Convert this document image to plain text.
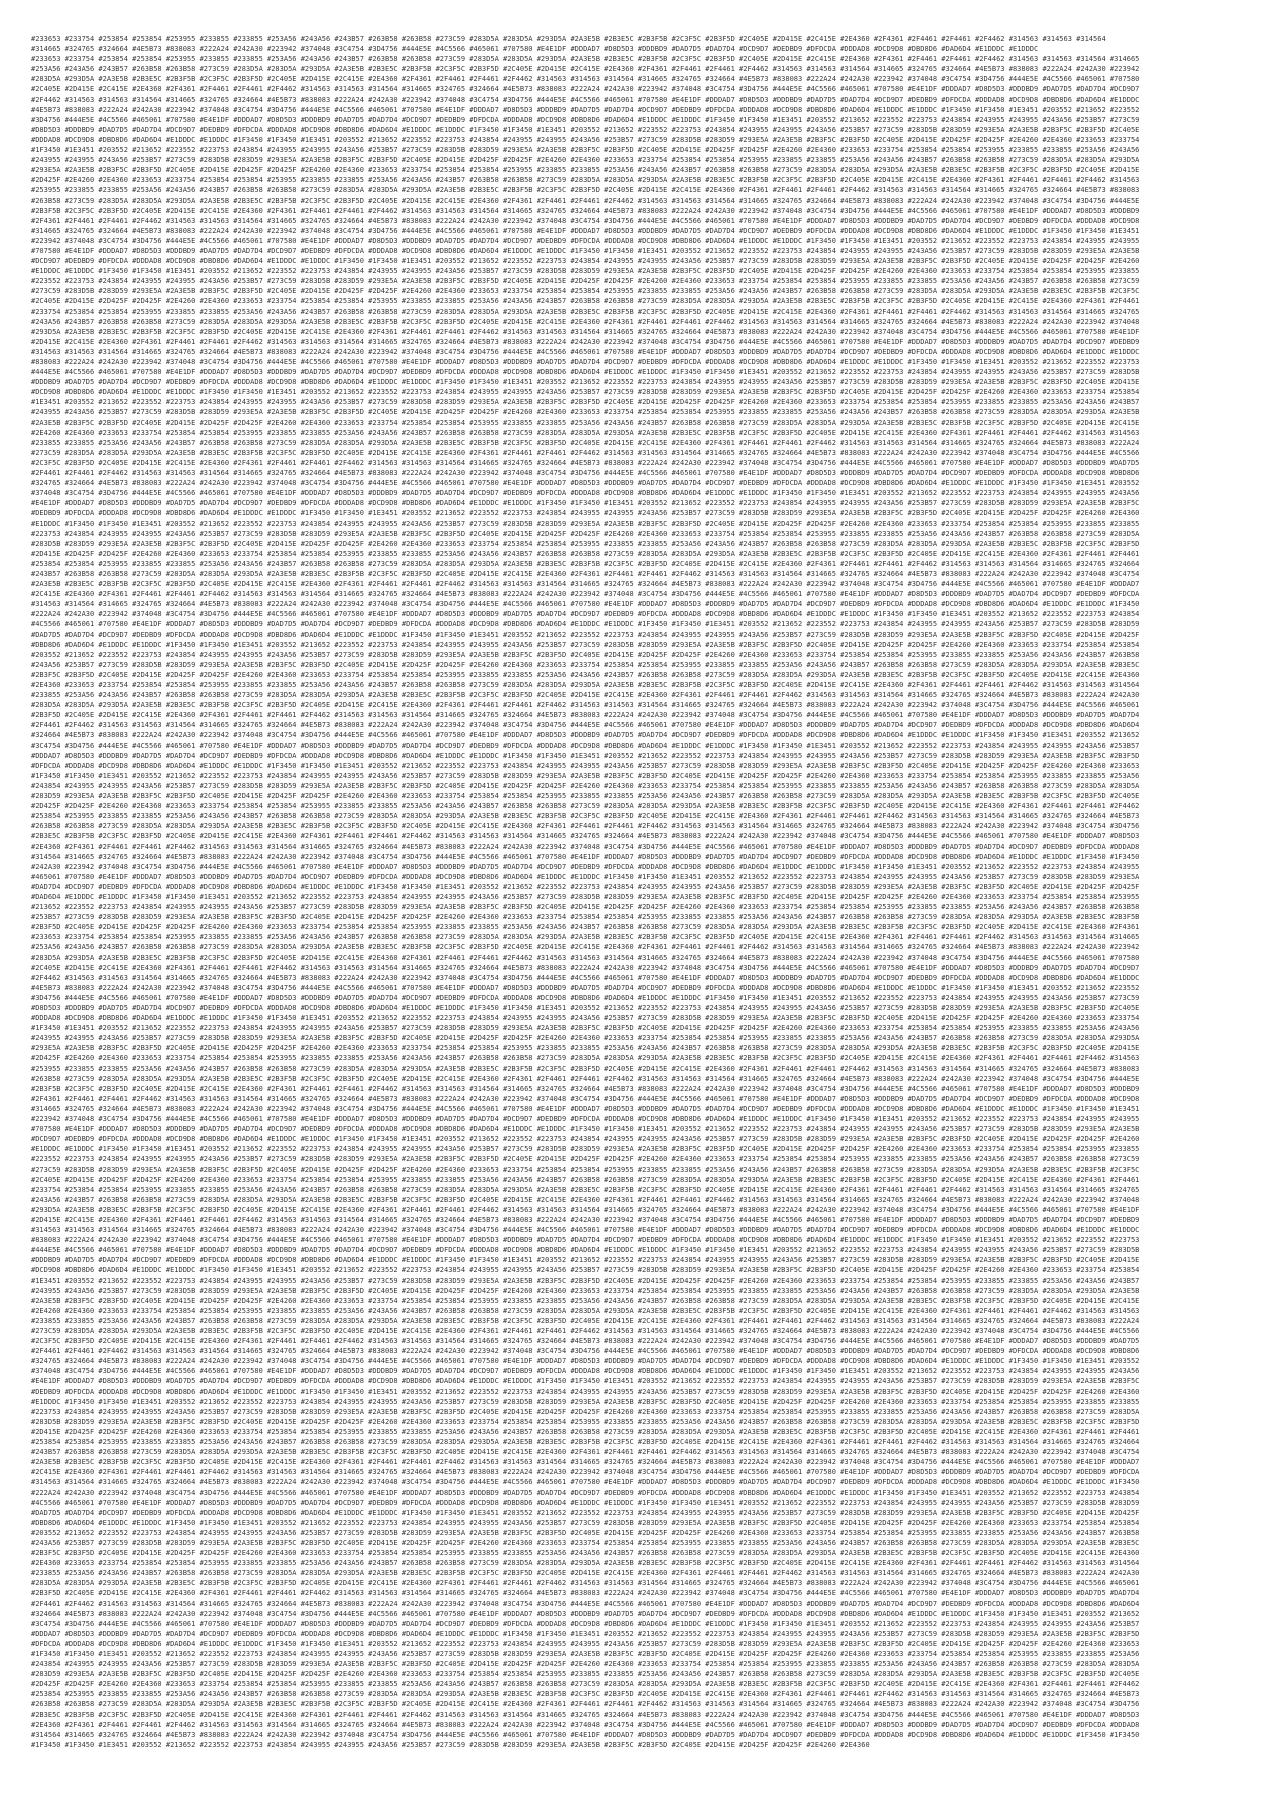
#233653 #233754 #253854 #253854 #253955 #233855 #233855 #253A56 #243A56 #243B57 #263B58 #263B58 #273C59 #283D5A #283D5A #293D5A #2A3E5B #2B3E5C #2B3F5B #2C3F5C #2B3F5D #2C405E #2D415E #2C415E #2E4360 #2F4361 #2F4461 #2F4461 #2F4462 #314563 #314563 #314564
#314665 #324765 #324664 #4E5B73 #838083 #222A24 #242A30 #223942 #374048 #3C4754 #3D4756 #444E5E #4C5566 #465061 #707580 #E4E1DF #DDDAD7 #D8D5D3 #DDDBD9 #DAD7D5 #DAD7D4 #DCD9D7 #DEDBD9 #DFDCDA #DDDAD8 #DCD9D8 #DBD8D6 #DAD6D4 #E1DDDC #E1DDDC
#233653 #233754 #253854 #253854 #253955 #233855 #233855 #253A56 #243A56 #243B57 #263B58 #263B58 #273C59 #283D5A #283D5A #293D5A #2A3E5B #2B3E5C #2B3F5B #2C3F5C #2B3F5D #2C405E #2D415E #2C415E #2E4360 #2F4361 #2F4461 #2F4461 #2F4462 #314563 #314563 #314564 #314665
#253A56 #243A56 #243B57 #263B58 #263B58 #273C59 #283D5A #283D5A #293D5A #2A3E5B #2B3E5C #2B3F5B #2C3F5C #2B3F5D #2C405E #2D415E #2C415E #2E4360 #2F4361 #2F4461 #2F4461 #2F4462 #314563 #314563 #314564 #314665 #324765 #324664 #4E5B73 #838083 #222A24 #242A30 #223942
#283D5A #293D5A #2A3E5B #2B3E5C #2B3F5B #2C3F5C #2B3F5D #2C405E #2D415E #2C415E #2E4360 #2F4361 #2F4461 #2F4461 #2F4462 #314563 #314563 #314564 #314665 #324765 #324664 #4E5B73 #838083 #222A24 #242A30 #223942 #374048 #3C4754 #3D4756 #444E5E #4C5566 #465061 #707580
#2C405E #2D415E #2C415E #2E4360 #2F4361 #2F4461 #2F4461 #2F4462 #314563 #314563 #314564 #314665 #324765 #324664 #4E5B73 #838083 #222A24 #242A30 #223942 #374048 #3C4754 #3D4756 #444E5E #4C5566 #465061 #707580 #E4E1DF #DDDAD7 #D8D5D3 #DDDBD9 #DAD7D5 #DAD7D4 #DCD9D7
#2F4462 #314563 #314563 #314564 #314665 #324765 #324664 #4E5B73 #838083 #222A24 #242A30 #223942 #374048 #3C4754 #3D4756 #444E5E #4C5566 #465061 #707580 #E4E1DF #DDDAD7 #D8D5D3 #DDDBD9 #DAD7D5 #DAD7D4 #DCD9D7 #DEDBD9 #DFDCDA #DDDAD8 #DCD9D8 #DBD8D6 #DAD6D4 #E1DDDC
#4E5B73 #838083 #222A24 #242A30 #223942 #374048 #3C4754 #3D4756 #444E5E #4C5566 #465061 #707580 #E4E1DF #DDDAD7 #D8D5D3 #DDDBD9 #DAD7D5 #DAD7D4 #DCD9D7 #DEDBD9 #DFDCDA #DDDAD8 #DCD9D8 #DBD8D6 #DAD6D4 #E1DDDC #E1DDDC #1F3450 #1F3450 #1E3451 #203552 #213652 #223552
#3D4756 #444E5E #4C5566 #465061 #707580 #E4E1DF #DDDAD7 #D8D5D3 #DDDBD9 #DAD7D5 #DAD7D4 #DCD9D7 #DEDBD9 #DFDCDA #DDDAD8 #DCD9D8 #DBD8D6 #DAD6D4 #E1DDDC #E1DDDC #1F3450 #1F3450 #1E3451 #203552 #213652 #223552 #223753 #243854 #243955 #243955 #243A56 #253B57 #273C59
#D8D5D3 #DDDBD9 #DAD7D5 #DAD7D4 #DCD9D7 #DEDBD9 #DFDCDA #DDDAD8 #DCD9D8 #DBD8D6 #DAD6D4 #E1DDDC #E1DDDC #1F3450 #1F3450 #1E3451 #203552 #213652 #223552 #223753 #243854 #243955 #243955 #243A56 #253B57 #273C59 #283D5B #283D59 #293E5A #2A3E5B #2B3F5C #2B3F5D #2C405E
#DDDAD8 #DCD9D8 #DBD8D6 #DAD6D4 #E1DDDC #E1DDDC #1F3450 #1F3450 #1E3451 #203552 #213652 #223552 #223753 #243854 #243955 #243955 #243A56 #253B57 #273C59 #283D5B #283D59 #293E5A #2A3E5B #2B3F5C #2B3F5D #2C405E #2D415E #2D425F #2D425F #2E4260 #2E4360 #233653 #233754
#1F3450 #1E3451 #203552 #213652 #223552 #223753 #243854 #243955 #243955 #243A56 #253B57 #273C59 #283D5B #283D59 #293E5A #2A3E5B #2B3F5C #2B3F5D #2C405E #2D415E #2D425F #2D425F #2E4260 #2E4360 #233653 #233754 #253854 #253854 #253955 #233855 #233855 #253A56 #243A56
#243955 #243955 #243A56 #253B57 #273C59 #283D5B #283D59 #293E5A #2A3E5B #2B3F5C #2B3F5D #2C405E #2D415E #2D425F #2D425F #2E4260 #2E4360 #233653 #233754 #253854 #253854 #253955 #233855 #233855 #253A56 #243A56 #243B57 #263B58 #263B58 #273C59 #283D5A #283D5A #293D5A
#293E5A #2A3E5B #2B3F5C #2B3F5D #2C405E #2D415E #2D425F #2D425F #2E4260 #2E4360 #233653 #233754 #253854 #253854 #253955 #233855 #233855 #253A56 #243A56 #243B57 #263B58 #263B58 #273C59 #283D5A #283D5A #293D5A #2A3E5B #2B3E5C #2B3F5B #2C3F5C #2B3F5D #2C405E #2D415E
#2D425F #2E4260 #2E4360 #233653 #233754 #253854 #253854 #253955 #233855 #233855 #253A56 #243A56 #243B57 #263B58 #263B58 #273C59 #283D5A #283D5A #293D5A #2A3E5B #2B3E5C #2B3F5B #2C3F5C #2B3F5D #2C405E #2D415E #2C415E #2E4360 #2F4361 #2F4461 #2F4461 #2F4462 #314563
#253955 #233855 #233855 #253A56 #243A56 #243B57 #263B58 #263B58 #273C59 #283D5A #283D5A #293D5A #2A3E5B #2B3E5C #2B3F5B #2C3F5C #2B3F5D #2C405E #2D415E #2C415E #2E4360 #2F4361 #2F4461 #2F4461 #2F4462 #314563 #314563 #314564 #314665 #324765 #324664 #4E5B73 #838083
#263B58 #273C59 #283D5A #283D5A #293D5A #2A3E5B #2B3E5C #2B3F5B #2C3F5C #2B3F5D #2C405E #2D415E #2C415E #2E4360 #2F4361 #2F4461 #2F4461 #2F4462 #314563 #314563 #314564 #314665 #324765 #324664 #4E5B73 #838083 #222A24 #242A30 #223942 #374048 #3C4754 #3D4756 #444E5E
#2B3F5B #2C3F5C #2B3F5D #2C405E #2D415E #2C415E #2E4360 #2F4361 #2F4461 #2F4461 #2F4462 #314563 #314563 #314564 #314665 #324765 #324664 #4E5B73 #838083 #222A24 #242A30 #223942 #374048 #3C4754 #3D4756 #444E5E #4C5566 #465061 #707580 #E4E1DF #DDDAD7 #D8D5D3 #DDDBD9
#2F4361 #2F4461 #2F4461 #2F4462 #314563 #314563 #314564 #314665 #324765 #324664 #4E5B73 #838083 #222A24 #242A30 #223942 #374048 #3C4754 #3D4756 #444E5E #4C5566 #465061 #707580 #E4E1DF #DDDAD7 #D8D5D3 #DDDBD9 #DAD7D5 #DAD7D4 #DCD9D7 #DEDBD9 #DFDCDA #DDDAD8 #DCD9D8
#314665 #324765 #324664 #4E5B73 #838083 #222A24 #242A30 #223942 #374048 #3C4754 #3D4756 #444E5E #4C5566 #465061 #707580 #E4E1DF #DDDAD7 #D8D5D3 #DDDBD9 #DAD7D5 #DAD7D4 #DCD9D7 #DEDBD9 #DFDCDA #DDDAD8 #DCD9D8 #DBD8D6 #DAD6D4 #E1DDDC #E1DDDC #1F3450 #1F3450 #1E3451
#223942 #374048 #3C4754 #3D4756 #444E5E #4C5566 #465061 #707580 #E4E1DF #DDDAD7 #D8D5D3 #DDDBD9 #DAD7D5 #DAD7D4 #DCD9D7 #DEDBD9 #DFDCDA #DDDAD8 #DCD9D8 #DBD8D6 #DAD6D4 #E1DDDC #E1DDDC #1F3450 #1F3450 #1E3451 #203552 #213652 #223552 #223753 #243854 #243955 #243955
#707580 #E4E1DF #DDDAD7 #D8D5D3 #DDDBD9 #DAD7D5 #DAD7D4 #DCD9D7 #DEDBD9 #DFDCDA #DDDAD8 #DCD9D8 #DBD8D6 #DAD6D4 #E1DDDC #E1DDDC #1F3450 #1F3450 #1E3451 #203552 #213652 #223552 #223753 #243854 #243955 #243955 #243A56 #253B57 #273C59 #283D5B #283D59 #293E5A #2A3E5B
#DCD9D7 #DEDBD9 #DFDCDA #DDDAD8 #DCD9D8 #DBD8D6 #DAD6D4 #E1DDDC #E1DDDC #1F3450 #1F3450 #1E3451 #203552 #213652 #223552 #223753 #243854 #243955 #243955 #243A56 #253B57 #273C59 #283D5B #283D59 #293E5A #2A3E5B #2B3F5C #2B3F5D #2C405E #2D415E #2D425F #2D425F #2E4260
#E1DDDC #E1DDDC #1F3450 #1F3450 #1E3451 #203552 #213652 #223552 #223753 #243854 #243955 #243955 #243A56 #253B57 #273C59 #283D5B #283D59 #293E5A #2A3E5B #2B3F5C #2B3F5D #2C405E #2D415E #2D425F #2D425F #2E4260 #2E4360 #233653 #233754 #253854 #253854 #253955 #233855
#223552 #223753 #243854 #243955 #243955 #243A56 #253B57 #273C59 #283D5B #283D59 #293E5A #2A3E5B #2B3F5C #2B3F5D #2C405E #2D415E #2D425F #2D425F #2E4260 #2E4360 #233653 #233754 #253854 #253854 #253955 #233855 #233855 #253A56 #243A56 #243B57 #263B58 #263B58 #273C59
#273C59 #283D5B #283D59 #293E5A #2A3E5B #2B3F5C #2B3F5D #2C405E #2D415E #2D425F #2D425F #2E4260 #2E4360 #233653 #233754 #253854 #253854 #253955 #233855 #233855 #253A56 #243A56 #243B57 #263B58 #263B58 #273C59 #283D5A #283D5A #293D5A #2A3E5B #2B3E5C #2B3F5B #2C3F5C
#2C405E #2D415E #2D425F #2D425F #2E4260 #2E4360 #233653 #233754 #253854 #253854 #253955 #233855 #233855 #253A56 #243A56 #243B57 #263B58 #263B58 #273C59 #283D5A #283D5A #293D5A #2A3E5B #2B3E5C #2B3F5B #2C3F5C #2B3F5D #2C405E #2D415E #2C415E #2E4360 #2F4361 #2F4461
#233754 #253854 #253854 #253955 #233855 #233855 #253A56 #243A56 #243B57 #263B58 #263B58 #273C59 #283D5A #283D5A #293D5A #2A3E5B #2B3E5C #2B3F5B #2C3F5C #2B3F5D #2C405E #2D415E #2C415E #2E4360 #2F4361 #2F4461 #2F4461 #2F4462 #314563 #314563 #314564 #314665 #324765
#243A56 #243B57 #263B58 #263B58 #273C59 #283D5A #283D5A #293D5A #2A3E5B #2B3E5C #2B3F5B #2C3F5C #2B3F5D #2C405E #2D415E #2C415E #2E4360 #2F4361 #2F4461 #2F4461 #2F4462 #314563 #314563 #314564 #314665 #324765 #324664 #4E5B73 #838083 #222A24 #242A30 #223942 #374048
#293D5A #2A3E5B #2B3E5C #2B3F5B #2C3F5C #2B3F5D #2C405E #2D415E #2C415E #2E4360 #2F4361 #2F4461 #2F4461 #2F4462 #314563 #314563 #314564 #314665 #324765 #324664 #4E5B73 #838083 #222A24 #242A30 #223942 #374048 #3C4754 #3D4756 #444E5E #4C5566 #465061 #707580 #E4E1DF
#2D415E #2C415E #2E4360 #2F4361 #2F4461 #2F4461 #2F4462 #314563 #314563 #314564 #314665 #324765 #324664 #4E5B73 #838083 #222A24 #242A30 #223942 #374048 #3C4754 #3D4756 #444E5E #4C5566 #465061 #707580 #E4E1DF #DDDAD7 #D8D5D3 #DDDBD9 #DAD7D5 #DAD7D4 #DCD9D7 #DEDBD9
#314563 #314563 #314564 #314665 #324765 #324664 #4E5B73 #838083 #222A24 #242A30 #223942 #374048 #3C4754 #3D4756 #444E5E #4C5566 #465061 #707580 #E4E1DF #DDDAD7 #D8D5D3 #DDDBD9 #DAD7D5 #DAD7D4 #DCD9D7 #DEDBD9 #DFDCDA #DDDAD8 #DCD9D8 #DBD8D6 #DAD6D4 #E1DDDC #E1DDDC
#838083 #222A24 #242A30 #223942 #374048 #3C4754 #3D4756 #444E5E #4C5566 #465061 #707580 #E4E1DF #DDDAD7 #D8D5D3 #DDDBD9 #DAD7D5 #DAD7D4 #DCD9D7 #DEDBD9 #DFDCDA #DDDAD8 #DCD9D8 #DBD8D6 #DAD6D4 #E1DDDC #E1DDDC #1F3450 #1F3450 #1E3451 #203552 #213652 #223552 #223753
#444E5E #4C5566 #465061 #707580 #E4E1DF #DDDAD7 #D8D5D3 #DDDBD9 #DAD7D5 #DAD7D4 #DCD9D7 #DEDBD9 #DFDCDA #DDDAD8 #DCD9D8 #DBD8D6 #DAD6D4 #E1DDDC #E1DDDC #1F3450 #1F3450 #1E3451 #203552 #213652 #223552 #223753 #243854 #243955 #243955 #243A56 #253B57 #273C59 #283D5B
#DDDBD9 #DAD7D5 #DAD7D4 #DCD9D7 #DEDBD9 #DFDCDA #DDDAD8 #DCD9D8 #DBD8D6 #DAD6D4 #E1DDDC #E1DDDC #1F3450 #1F3450 #1E3451 #203552 #213652 #223552 #223753 #243854 #243955 #243955 #243A56 #253B57 #273C59 #283D5B #283D59 #293E5A #2A3E5B #2B3F5C #2B3F5D #2C405E #2D415E
#DCD9D8 #DBD8D6 #DAD6D4 #E1DDDC #E1DDDC #1F3450 #1F3450 #1E3451 #203552 #213652 #223552 #223753 #243854 #243955 #243955 #243A56 #253B57 #273C59 #283D5B #283D59 #293E5A #2A3E5B #2B3F5C #2B3F5D #2C405E #2D415E #2D425F #2D425F #2E4260 #2E4360 #233653 #233754 #253854
#1E3451 #203552 #213652 #223552 #223753 #243854 #243955 #243955 #243A56 #253B57 #273C59 #283D5B #283D59 #293E5A #2A3E5B #2B3F5C #2B3F5D #2C405E #2D415E #2D425F #2D425F #2E4260 #2E4360 #233653 #233754 #253854 #253854 #253955 #233855 #233855 #253A56 #243A56 #243B57
#243955 #243A56 #253B57 #273C59 #283D5B #283D59 #293E5A #2A3E5B #2B3F5C #2B3F5D #2C405E #2D415E #2D425F #2D425F #2E4260 #2E4360 #233653 #233754 #253854 #253854 #253955 #233855 #233855 #253A56 #243A56 #243B57 #263B58 #263B58 #273C59 #283D5A #283D5A #293D5A #2A3E5B
#2A3E5B #2B3F5C #2B3F5D #2C405E #2D415E #2D425F #2D425F #2E4260 #2E4360 #233653 #233754 #253854 #253854 #253955 #233855 #233855 #253A56 #243A56 #243B57 #263B58 #263B58 #273C59 #283D5A #283D5A #293D5A #2A3E5B #2B3E5C #2B3F5B #2C3F5C #2B3F5D #2C405E #2D415E #2C415E
#2E4260 #2E4360 #233653 #233754 #253854 #253854 #253955 #233855 #233855 #253A56 #243A56 #243B57 #263B58 #263B58 #273C59 #283D5A #283D5A #293D5A #2A3E5B #2B3E5C #2B3F5B #2C3F5C #2B3F5D #2C405E #2D415E #2C415E #2E4360 #2F4361 #2F4461 #2F4461 #2F4462 #314563 #314563
#233855 #233855 #253A56 #243A56 #243B57 #263B58 #263B58 #273C59 #283D5A #283D5A #293D5A #2A3E5B #2B3E5C #2B3F5B #2C3F5C #2B3F5D #2C405E #2D415E #2C415E #2E4360 #2F4361 #2F4461 #2F4461 #2F4462 #314563 #314563 #314564 #314665 #324765 #324664 #4E5B73 #838083 #222A24
#273C59 #283D5A #283D5A #293D5A #2A3E5B #2B3E5C #2B3F5B #2C3F5C #2B3F5D #2C405E #2D415E #2C415E #2E4360 #2F4361 #2F4461 #2F4461 #2F4462 #314563 #314563 #314564 #314665 #324765 #324664 #4E5B73 #838083 #222A24 #242A30 #223942 #374048 #3C4754 #3D4756 #444E5E #4C5566
#2C3F5C #2B3F5D #2C405E #2D415E #2C415E #2E4360 #2F4361 #2F4461 #2F4461 #2F4462 #314563 #314563 #314564 #314665 #324765 #324664 #4E5B73 #838083 #222A24 #242A30 #223942 #374048 #3C4754 #3D4756 #444E5E #4C5566 #465061 #707580 #E4E1DF #DDDAD7 #D8D5D3 #DDDBD9 #DAD7D5
#2F4461 #2F4461 #2F4462 #314563 #314563 #314564 #314665 #324765 #324664 #4E5B73 #838083 #222A24 #242A30 #223942 #374048 #3C4754 #3D4756 #444E5E #4C5566 #465061 #707580 #E4E1DF #DDDAD7 #D8D5D3 #DDDBD9 #DAD7D5 #DAD7D4 #DCD9D7 #DEDBD9 #DFDCDA #DDDAD8 #DCD9D8 #DBD8D6
#324765 #324664 #4E5B73 #838083 #222A24 #242A30 #223942 #374048 #3C4754 #3D4756 #444E5E #4C5566 #465061 #707580 #E4E1DF #DDDAD7 #D8D5D3 #DDDBD9 #DAD7D5 #DAD7D4 #DCD9D7 #DEDBD9 #DFDCDA #DDDAD8 #DCD9D8 #DBD8D6 #DAD6D4 #E1DDDC #E1DDDC #1F3450 #1F3450 #1E3451 #203552
#374048 #3C4754 #3D4756 #444E5E #4C5566 #465061 #707580 #E4E1DF #DDDAD7 #D8D5D3 #DDDBD9 #DAD7D5 #DAD7D4 #DCD9D7 #DEDBD9 #DFDCDA #DDDAD8 #DCD9D8 #DBD8D6 #DAD6D4 #E1DDDC #E1DDDC #1F3450 #1F3450 #1E3451 #203552 #213652 #223552 #223753 #243854 #243955 #243955 #243A56
#E4E1DF #DDDAD7 #D8D5D3 #DDDBD9 #DAD7D5 #DAD7D4 #DCD9D7 #DEDBD9 #DFDCDA #DDDAD8 #DCD9D8 #DBD8D6 #DAD6D4 #E1DDDC #E1DDDC #1F3450 #1F3450 #1E3451 #203552 #213652 #223552 #223753 #243854 #243955 #243955 #243A56 #253B57 #273C59 #283D5B #283D59 #293E5A #2A3E5B #2B3F5C
#DEDBD9 #DFDCDA #DDDAD8 #DCD9D8 #DBD8D6 #DAD6D4 #E1DDDC #E1DDDC #1F3450 #1F3450 #1E3451 #203552 #213652 #223552 #223753 #243854 #243955 #243955 #243A56 #253B57 #273C59 #283D5B #283D59 #293E5A #2A3E5B #2B3F5C #2B3F5D #2C405E #2D415E #2D425F #2D425F #2E4260 #2E4360
#E1DDDC #1F3450 #1F3450 #1E3451 #203552 #213652 #223552 #223753 #243854 #243955 #243955 #243A56 #253B57 #273C59 #283D5B #283D59 #293E5A #2A3E5B #2B3F5C #2B3F5D #2C405E #2D415E #2D425F #2D425F #2E4260 #2E4360 #233653 #233754 #253854 #253854 #253955 #233855 #233855
#223753 #243854 #243955 #243955 #243A56 #253B57 #273C59 #283D5B #283D59 #293E5A #2A3E5B #2B3F5C #2B3F5D #2C405E #2D415E #2D425F #2D425F #2E4260 #2E4360 #233653 #233754 #253854 #253854 #253955 #233855 #233855 #253A56 #243A56 #243B57 #263B58 #263B58 #273C59 #283D5A
#283D5B #283D59 #293E5A #2A3E5B #2B3F5C #2B3F5D #2C405E #2D415E #2D425F #2D425F #2E4260 #2E4360 #233653 #233754 #253854 #253854 #253955 #233855 #233855 #253A56 #243A56 #243B57 #263B58 #263B58 #273C59 #283D5A #283D5A #293D5A #2A3E5B #2B3E5C #2B3F5B #2C3F5C #2B3F5D
#2D415E #2D425F #2D425F #2E4260 #2E4360 #233653 #233754 #253854 #253854 #253955 #233855 #233855 #253A56 #243A56 #243B57 #263B58 #263B58 #273C59 #283D5A #283D5A #293D5A #2A3E5B #2B3E5C #2B3F5B #2C3F5C #2B3F5D #2C405E #2D415E #2C415E #2E4360 #2F4361 #2F4461 #2F4461
#253854 #253854 #253955 #233855 #233855 #253A56 #243A56 #243B57 #263B58 #263B58 #273C59 #283D5A #283D5A #293D5A #2A3E5B #2B3E5C #2B3F5B #2C3F5C #2B3F5D #2C405E #2D415E #2C415E #2E4360 #2F4361 #2F4461 #2F4461 #2F4462 #314563 #314563 #314564 #314665 #324765 #324664
#243B57 #263B58 #263B58 #273C59 #283D5A #283D5A #293D5A #2A3E5B #2B3E5C #2B3F5B #2C3F5C #2B3F5D #2C405E #2D415E #2C415E #2E4360 #2F4361 #2F4461 #2F4461 #2F4462 #314563 #314563 #314564 #314665 #324765 #324664 #4E5B73 #838083 #222A24 #242A30 #223942 #374048 #3C4754
#2A3E5B #2B3E5C #2B3F5B #2C3F5C #2B3F5D #2C405E #2D415E #2C415E #2E4360 #2F4361 #2F4461 #2F4461 #2F4462 #314563 #314563 #314564 #314665 #324765 #324664 #4E5B73 #838083 #222A24 #242A30 #223942 #374048 #3C4754 #3D4756 #444E5E #4C5566 #465061 #707580 #E4E1DF #DDDAD7
#2C415E #2E4360 #2F4361 #2F4461 #2F4461 #2F4462 #314563 #314563 #314564 #314665 #324765 #324664 #4E5B73 #838083 #222A24 #242A30 #223942 #374048 #3C4754 #3D4756 #444E5E #4C5566 #465061 #707580 #E4E1DF #DDDAD7 #D8D5D3 #DDDBD9 #DAD7D5 #DAD7D4 #DCD9D7 #DEDBD9 #DFDCDA
#314563 #314564 #314665 #324765 #324664 #4E5B73 #838083 #222A24 #242A30 #223942 #374048 #3C4754 #3D4756 #444E5E #4C5566 #465061 #707580 #E4E1DF #DDDAD7 #D8D5D3 #DDDBD9 #DAD7D5 #DAD7D4 #DCD9D7 #DEDBD9 #DFDCDA #DDDAD8 #DCD9D8 #DBD8D6 #DAD6D4 #E1DDDC #E1DDDC #1F3450
#222A24 #242A30 #223942 #374048 #3C4754 #3D4756 #444E5E #4C5566 #465061 #707580 #E4E1DF #DDDAD7 #D8D5D3 #DDDBD9 #DAD7D5 #DAD7D4 #DCD9D7 #DEDBD9 #DFDCDA #DDDAD8 #DCD9D8 #DBD8D6 #DAD6D4 #E1DDDC #E1DDDC #1F3450 #1F3450 #1E3451 #203552 #213652 #223552 #223753 #243854
#4C5566 #465061 #707580 #E4E1DF #DDDAD7 #D8D5D3 #DDDBD9 #DAD7D5 #DAD7D4 #DCD9D7 #DEDBD9 #DFDCDA #DDDAD8 #DCD9D8 #DBD8D6 #DAD6D4 #E1DDDC #E1DDDC #1F3450 #1F3450 #1E3451 #203552 #213652 #223552 #223753 #243854 #243955 #243955 #243A56 #253B57 #273C59 #283D5B #283D59
#DAD7D5 #DAD7D4 #DCD9D7 #DEDBD9 #DFDCDA #DDDAD8 #DCD9D8 #DBD8D6 #DAD6D4 #E1DDDC #E1DDDC #1F3450 #1F3450 #1E3451 #203552 #213652 #223552 #223753 #243854 #243955 #243955 #243A56 #253B57 #273C59 #283D5B #283D59 #293E5A #2A3E5B #2B3F5C #2B3F5D #2C405E #2D415E #2D425F
#DBD8D6 #DAD6D4 #E1DDDC #E1DDDC #1F3450 #1F3450 #1E3451 #203552 #213652 #223552 #223753 #243854 #243955 #243955 #243A56 #253B57 #273C59 #283D5B #283D59 #293E5A #2A3E5B #2B3F5C #2B3F5D #2C405E #2D415E #2D425F #2D425F #2E4260 #2E4360 #233653 #233754 #253854 #253854
#203552 #213652 #223552 #223753 #243854 #243955 #243955 #243A56 #253B57 #273C59 #283D5B #283D59 #293E5A #2A3E5B #2B3F5C #2B3F5D #2C405E #2D415E #2D425F #2D425F #2E4260 #2E4360 #233653 #233754 #253854 #253854 #253955 #233855 #233855 #253A56 #243A56 #243B57 #263B58
#243A56 #253B57 #273C59 #283D5B #283D59 #293E5A #2A3E5B #2B3F5C #2B3F5D #2C405E #2D415E #2D425F #2D425F #2E4260 #2E4360 #233653 #233754 #253854 #253854 #253955 #233855 #233855 #253A56 #243A56 #243B57 #263B58 #263B58 #273C59 #283D5A #283D5A #293D5A #2A3E5B #2B3E5C
#2B3F5C #2B3F5D #2C405E #2D415E #2D425F #2D425F #2E4260 #2E4360 #233653 #233754 #253854 #253854 #253955 #233855 #233855 #253A56 #243A56 #243B57 #263B58 #263B58 #273C59 #283D5A #283D5A #293D5A #2A3E5B #2B3E5C #2B3F5B #2C3F5C #2B3F5D #2C405E #2D415E #2C415E #2E4360
#2E4360 #233653 #233754 #253854 #253854 #253955 #233855 #233855 #253A56 #243A56 #243B57 #263B58 #263B58 #273C59 #283D5A #283D5A #293D5A #2A3E5B #2B3E5C #2B3F5B #2C3F5C #2B3F5D #2C405E #2D415E #2C415E #2E4360 #2F4361 #2F4461 #2F4461 #2F4462 #314563 #314563 #314564
#233855 #253A56 #243A56 #243B57 #263B58 #263B58 #273C59 #283D5A #283D5A #293D5A #2A3E5B #2B3E5C #2B3F5B #2C3F5C #2B3F5D #2C405E #2D415E #2C415E #2E4360 #2F4361 #2F4461 #2F4461 #2F4462 #314563 #314563 #314564 #314665 #324765 #324664 #4E5B73 #838083 #222A24 #242A30
#283D5A #283D5A #293D5A #2A3E5B #2B3E5C #2B3F5B #2C3F5C #2B3F5D #2C405E #2D415E #2C415E #2E4360 #2F4361 #2F4461 #2F4461 #2F4462 #314563 #314563 #314564 #314665 #324765 #324664 #4E5B73 #838083 #222A24 #242A30 #223942 #374048 #3C4754 #3D4756 #444E5E #4C5566 #465061
#2B3F5D #2C405E #2D415E #2C415E #2E4360 #2F4361 #2F4461 #2F4461 #2F4462 #314563 #314563 #314564 #314665 #324765 #324664 #4E5B73 #838083 #222A24 #242A30 #223942 #374048 #3C4754 #3D4756 #444E5E #4C5566 #465061 #707580 #E4E1DF #DDDAD7 #D8D5D3 #DDDBD9 #DAD7D5 #DAD7D4
#2F4461 #2F4462 #314563 #314563 #314564 #314665 #324765 #324664 #4E5B73 #838083 #222A24 #242A30 #223942 #374048 #3C4754 #3D4756 #444E5E #4C5566 #465061 #707580 #E4E1DF #DDDAD7 #D8D5D3 #DDDBD9 #DAD7D5 #DAD7D4 #DCD9D7 #DEDBD9 #DFDCDA #DDDAD8 #DCD9D8 #DBD8D6 #DAD6D4
#324664 #4E5B73 #838083 #222A24 #242A30 #223942 #374048 #3C4754 #3D4756 #444E5E #4C5566 #465061 #707580 #E4E1DF #DDDAD7 #D8D5D3 #DDDBD9 #DAD7D5 #DAD7D4 #DCD9D7 #DEDBD9 #DFDCDA #DDDAD8 #DCD9D8 #DBD8D6 #DAD6D4 #E1DDDC #E1DDDC #1F3450 #1F3450 #1E3451 #203552 #213652
#3C4754 #3D4756 #444E5E #4C5566 #465061 #707580 #E4E1DF #DDDAD7 #D8D5D3 #DDDBD9 #DAD7D5 #DAD7D4 #DCD9D7 #DEDBD9 #DFDCDA #DDDAD8 #DCD9D8 #DBD8D6 #DAD6D4 #E1DDDC #E1DDDC #1F3450 #1F3450 #1E3451 #203552 #213652 #223552 #223753 #243854 #243955 #243955 #243A56 #253B57
#DDDAD7 #D8D5D3 #DDDBD9 #DAD7D5 #DAD7D4 #DCD9D7 #DEDBD9 #DFDCDA #DDDAD8 #DCD9D8 #DBD8D6 #DAD6D4 #E1DDDC #E1DDDC #1F3450 #1F3450 #1E3451 #203552 #213652 #223552 #223753 #243854 #243955 #243955 #243A56 #253B57 #273C59 #283D5B #283D59 #293E5A #2A3E5B #2B3F5C #2B3F5D
#DFDCDA #DDDAD8 #DCD9D8 #DBD8D6 #DAD6D4 #E1DDDC #E1DDDC #1F3450 #1F3450 #1E3451 #203552 #213652 #223552 #223753 #243854 #243955 #243955 #243A56 #253B57 #273C59 #283D5B #283D59 #293E5A #2A3E5B #2B3F5C #2B3F5D #2C405E #2D415E #2D425F #2D425F #2E4260 #2E4360 #233653
#1F3450 #1F3450 #1E3451 #203552 #213652 #223552 #223753 #243854 #243955 #243955 #243A56 #253B57 #273C59 #283D5B #283D59 #293E5A #2A3E5B #2B3F5C #2B3F5D #2C405E #2D415E #2D425F #2D425F #2E4260 #2E4360 #233653 #233754 #253854 #253854 #253955 #233855 #233855 #253A56
#243854 #243955 #243955 #243A56 #253B57 #273C59 #283D5B #283D59 #293E5A #2A3E5B #2B3F5C #2B3F5D #2C405E #2D415E #2D425F #2D425F #2E4260 #2E4360 #233653 #233754 #253854 #253854 #253955 #233855 #233855 #253A56 #243A56 #243B57 #263B58 #263B58 #273C59 #283D5A #283D5A
#283D59 #293E5A #2A3E5B #2B3F5C #2B3F5D #2C405E #2D415E #2D425F #2D425F #2E4260 #2E4360 #233653 #233754 #253854 #253854 #253955 #233855 #233855 #253A56 #243A56 #243B57 #263B58 #263B58 #273C59 #283D5A #283D5A #293D5A #2A3E5B #2B3E5C #2B3F5B #2C3F5C #2B3F5D #2C405E
#2D425F #2D425F #2E4260 #2E4360 #233653 #233754 #253854 #253854 #253955 #233855 #233855 #253A56 #243A56 #243B57 #263B58 #263B58 #273C59 #283D5A #283D5A #293D5A #2A3E5B #2B3E5C #2B3F5B #2C3F5C #2B3F5D #2C405E #2D415E #2C415E #2E4360 #2F4361 #2F4461 #2F4461 #2F4462
#253854 #253955 #233855 #233855 #253A56 #243A56 #243B57 #263B58 #263B58 #273C59 #283D5A #283D5A #293D5A #2A3E5B #2B3E5C #2B3F5B #2C3F5C #2B3F5D #2C405E #2D415E #2C415E #2E4360 #2F4361 #2F4461 #2F4461 #2F4462 #314563 #314563 #314564 #314665 #324765 #324664 #4E5B73
#263B58 #263B58 #273C59 #283D5A #283D5A #293D5A #2A3E5B #2B3E5C #2B3F5B #2C3F5C #2B3F5D #2C405E #2D415E #2C415E #2E4360 #2F4361 #2F4461 #2F4461 #2F4462 #314563 #314563 #314564 #314665 #324765 #324664 #4E5B73 #838083 #222A24 #242A30 #223942 #374048 #3C4754 #3D4756
#2B3E5C #2B3F5B #2C3F5C #2B3F5D #2C405E #2D415E #2C415E #2E4360 #2F4361 #2F4461 #2F4461 #2F4462 #314563 #314563 #314564 #314665 #324765 #324664 #4E5B73 #838083 #222A24 #242A30 #223942 #374048 #3C4754 #3D4756 #444E5E #4C5566 #465061 #707580 #E4E1DF #DDDAD7 #D8D5D3
#2E4360 #2F4361 #2F4461 #2F4461 #2F4462 #314563 #314563 #314564 #314665 #324765 #324664 #4E5B73 #838083 #222A24 #242A30 #223942 #374048 #3C4754 #3D4756 #444E5E #4C5566 #465061 #707580 #E4E1DF #DDDAD7 #D8D5D3 #DDDBD9 #DAD7D5 #DAD7D4 #DCD9D7 #DEDBD9 #DFDCDA #DDDAD8
#314564 #314665 #324765 #324664 #4E5B73 #838083 #222A24 #242A30 #223942 #374048 #3C4754 #3D4756 #444E5E #4C5566 #465061 #707580 #E4E1DF #DDDAD7 #D8D5D3 #DDDBD9 #DAD7D5 #DAD7D4 #DCD9D7 #DEDBD9 #DFDCDA #DDDAD8 #DCD9D8 #DBD8D6 #DAD6D4 #E1DDDC #E1DDDC #1F3450 #1F3450
#242A30 #223942 #374048 #3C4754 #3D4756 #444E5E #4C5566 #465061 #707580 #E4E1DF #DDDAD7 #D8D5D3 #DDDBD9 #DAD7D5 #DAD7D4 #DCD9D7 #DEDBD9 #DFDCDA #DDDAD8 #DCD9D8 #DBD8D6 #DAD6D4 #E1DDDC #E1DDDC #1F3450 #1F3450 #1E3451 #203552 #213652 #223552 #223753 #243854 #243955
#465061 #707580 #E4E1DF #DDDAD7 #D8D5D3 #DDDBD9 #DAD7D5 #DAD7D4 #DCD9D7 #DEDBD9 #DFDCDA #DDDAD8 #DCD9D8 #DBD8D6 #DAD6D4 #E1DDDC #E1DDDC #1F3450 #1F3450 #1E3451 #203552 #213652 #223552 #223753 #243854 #243955 #243955 #243A56 #253B57 #273C59 #283D5B #283D59 #293E5A
#DAD7D4 #DCD9D7 #DEDBD9 #DFDCDA #DDDAD8 #DCD9D8 #DBD8D6 #DAD6D4 #E1DDDC #E1DDDC #1F3450 #1F3450 #1E3451 #203552 #213652 #223552 #223753 #243854 #243955 #243955 #243A56 #253B57 #273C59 #283D5B #283D59 #293E5A #2A3E5B #2B3F5C #2B3F5D #2C405E #2D415E #2D425F #2D425F
#DAD6D4 #E1DDDC #E1DDDC #1F3450 #1F3450 #1E3451 #203552 #213652 #223552 #223753 #243854 #243955 #243955 #243A56 #253B57 #273C59 #283D5B #283D59 #293E5A #2A3E5B #2B3F5C #2B3F5D #2C405E #2D415E #2D425F #2D425F #2E4260 #2E4360 #233653 #233754 #253854 #253854 #253955
#213652 #223552 #223753 #243854 #243955 #243955 #243A56 #253B57 #273C59 #283D5B #283D59 #293E5A #2A3E5B #2B3F5C #2B3F5D #2C405E #2D415E #2D425F #2D425F #2E4260 #2E4360 #233653 #233754 #253854 #253854 #253955 #233855 #233855 #253A56 #243A56 #243B57 #263B58 #263B58
#253B57 #273C59 #283D5B #283D59 #293E5A #2A3E5B #2B3F5C #2B3F5D #2C405E #2D415E #2D425F #2D425F #2E4260 #2E4360 #233653 #233754 #253854 #253854 #253955 #233855 #233855 #253A56 #243A56 #243B57 #263B58 #263B58 #273C59 #283D5A #283D5A #293D5A #2A3E5B #2B3E5C #2B3F5B
#2B3F5D #2C405E #2D415E #2D425F #2D425F #2E4260 #2E4360 #233653 #233754 #253854 #253854 #253955 #233855 #233855 #253A56 #243A56 #243B57 #263B58 #263B58 #273C59 #283D5A #283D5A #293D5A #2A3E5B #2B3E5C #2B3F5B #2C3F5C #2B3F5D #2C405E #2D415E #2C415E #2E4360 #2F4361
#233653 #233754 #253854 #253854 #253955 #233855 #233855 #253A56 #243A56 #243B57 #263B58 #263B58 #273C59 #283D5A #283D5A #293D5A #2A3E5B #2B3E5C #2B3F5B #2C3F5C #2B3F5D #2C405E #2D415E #2C415E #2E4360 #2F4361 #2F4461 #2F4461 #2F4462 #314563 #314563 #314564 #314665
#253A56 #243A56 #243B57 #263B58 #263B58 #273C59 #283D5A #283D5A #293D5A #2A3E5B #2B3E5C #2B3F5B #2C3F5C #2B3F5D #2C405E #2D415E #2C415E #2E4360 #2F4361 #2F4461 #2F4461 #2F4462 #314563 #314563 #314564 #314665 #324765 #324664 #4E5B73 #838083 #222A24 #242A30 #223942
#283D5A #293D5A #2A3E5B #2B3E5C #2B3F5B #2C3F5C #2B3F5D #2C405E #2D415E #2C415E #2E4360 #2F4361 #2F4461 #2F4461 #2F4462 #314563 #314563 #314564 #314665 #324765 #324664 #4E5B73 #838083 #222A24 #242A30 #223942 #374048 #3C4754 #3D4756 #444E5E #4C5566 #465061 #707580
#2C405E #2D415E #2C415E #2E4360 #2F4361 #2F4461 #2F4461 #2F4462 #314563 #314563 #314564 #314665 #324765 #324664 #4E5B73 #838083 #222A24 #242A30 #223942 #374048 #3C4754 #3D4756 #444E5E #4C5566 #465061 #707580 #E4E1DF #DDDAD7 #D8D5D3 #DDDBD9 #DAD7D5 #DAD7D4 #DCD9D7
#2F4462 #314563 #314563 #314564 #314665 #324765 #324664 #4E5B73 #838083 #222A24 #242A30 #223942 #374048 #3C4754 #3D4756 #444E5E #4C5566 #465061 #707580 #E4E1DF #DDDAD7 #D8D5D3 #DDDBD9 #DAD7D5 #DAD7D4 #DCD9D7 #DEDBD9 #DFDCDA #DDDAD8 #DCD9D8 #DBD8D6 #DAD6D4 #E1DDDC
#4E5B73 #838083 #222A24 #242A30 #223942 #374048 #3C4754 #3D4756 #444E5E #4C5566 #465061 #707580 #E4E1DF #DDDAD7 #D8D5D3 #DDDBD9 #DAD7D5 #DAD7D4 #DCD9D7 #DEDBD9 #DFDCDA #DDDAD8 #DCD9D8 #DBD8D6 #DAD6D4 #E1DDDC #E1DDDC #1F3450 #1F3450 #1E3451 #203552 #213652 #223552
#3D4756 #444E5E #4C5566 #465061 #707580 #E4E1DF #DDDAD7 #D8D5D3 #DDDBD9 #DAD7D5 #DAD7D4 #DCD9D7 #DEDBD9 #DFDCDA #DDDAD8 #DCD9D8 #DBD8D6 #DAD6D4 #E1DDDC #E1DDDC #1F3450 #1F3450 #1E3451 #203552 #213652 #223552 #223753 #243854 #243955 #243955 #243A56 #253B57 #273C59
#D8D5D3 #DDDBD9 #DAD7D5 #DAD7D4 #DCD9D7 #DEDBD9 #DFDCDA #DDDAD8 #DCD9D8 #DBD8D6 #DAD6D4 #E1DDDC #E1DDDC #1F3450 #1F3450 #1E3451 #203552 #213652 #223552 #223753 #243854 #243955 #243955 #243A56 #253B57 #273C59 #283D5B #283D59 #293E5A #2A3E5B #2B3F5C #2B3F5D #2C405E
#DDDAD8 #DCD9D8 #DBD8D6 #DAD6D4 #E1DDDC #E1DDDC #1F3450 #1F3450 #1E3451 #203552 #213652 #223552 #223753 #243854 #243955 #243955 #243A56 #253B57 #273C59 #283D5B #283D59 #293E5A #2A3E5B #2B3F5C #2B3F5D #2C405E #2D415E #2D425F #2D425F #2E4260 #2E4360 #233653 #233754
#1F3450 #1E3451 #203552 #213652 #223552 #223753 #243854 #243955 #243955 #243A56 #253B57 #273C59 #283D5B #283D59 #293E5A #2A3E5B #2B3F5C #2B3F5D #2C405E #2D415E #2D425F #2D425F #2E4260 #2E4360 #233653 #233754 #253854 #253854 #253955 #233855 #233855 #253A56 #243A56
#243955 #243955 #243A56 #253B57 #273C59 #283D5B #283D59 #293E5A #2A3E5B #2B3F5C #2B3F5D #2C405E #2D415E #2D425F #2D425F #2E4260 #2E4360 #233653 #233754 #253854 #253854 #253955 #233855 #233855 #253A56 #243A56 #243B57 #263B58 #263B58 #273C59 #283D5A #283D5A #293D5A
#293E5A #2A3E5B #2B3F5C #2B3F5D #2C405E #2D415E #2D425F #2D425F #2E4260 #2E4360 #233653 #233754 #253854 #253854 #253955 #233855 #233855 #253A56 #243A56 #243B57 #263B58 #263B58 #273C59 #283D5A #283D5A #293D5A #2A3E5B #2B3E5C #2B3F5B #2C3F5C #2B3F5D #2C405E #2D415E
#2D425F #2E4260 #2E4360 #233653 #233754 #253854 #253854 #253955 #233855 #233855 #253A56 #243A56 #243B57 #263B58 #263B58 #273C59 #283D5A #283D5A #293D5A #2A3E5B #2B3E5C #2B3F5B #2C3F5C #2B3F5D #2C405E #2D415E #2C415E #2E4360 #2F4361 #2F4461 #2F4461 #2F4462 #314563
#253955 #233855 #233855 #253A56 #243A56 #243B57 #263B58 #263B58 #273C59 #283D5A #283D5A #293D5A #2A3E5B #2B3E5C #2B3F5B #2C3F5C #2B3F5D #2C405E #2D415E #2C415E #2E4360 #2F4361 #2F4461 #2F4461 #2F4462 #314563 #314563 #314564 #314665 #324765 #324664 #4E5B73 #838083
#263B58 #273C59 #283D5A #283D5A #293D5A #2A3E5B #2B3E5C #2B3F5B #2C3F5C #2B3F5D #2C405E #2D415E #2C415E #2E4360 #2F4361 #2F4461 #2F4461 #2F4462 #314563 #314563 #314564 #314665 #324765 #324664 #4E5B73 #838083 #222A24 #242A30 #223942 #374048 #3C4754 #3D4756 #444E5E
#2B3F5B #2C3F5C #2B3F5D #2C405E #2D415E #2C415E #2E4360 #2F4361 #2F4461 #2F4461 #2F4462 #314563 #314563 #314564 #314665 #324765 #324664 #4E5B73 #838083 #222A24 #242A30 #223942 #374048 #3C4754 #3D4756 #444E5E #4C5566 #465061 #707580 #E4E1DF #DDDAD7 #D8D5D3 #DDDBD9
#2F4361 #2F4461 #2F4461 #2F4462 #314563 #314563 #314564 #314665 #324765 #324664 #4E5B73 #838083 #222A24 #242A30 #223942 #374048 #3C4754 #3D4756 #444E5E #4C5566 #465061 #707580 #E4E1DF #DDDAD7 #D8D5D3 #DDDBD9 #DAD7D5 #DAD7D4 #DCD9D7 #DEDBD9 #DFDCDA #DDDAD8 #DCD9D8
#314665 #324765 #324664 #4E5B73 #838083 #222A24 #242A30 #223942 #374048 #3C4754 #3D4756 #444E5E #4C5566 #465061 #707580 #E4E1DF #DDDAD7 #D8D5D3 #DDDBD9 #DAD7D5 #DAD7D4 #DCD9D7 #DEDBD9 #DFDCDA #DDDAD8 #DCD9D8 #DBD8D6 #DAD6D4 #E1DDDC #E1DDDC #1F3450 #1F3450 #1E3451
#223942 #374048 #3C4754 #3D4756 #444E5E #4C5566 #465061 #707580 #E4E1DF #DDDAD7 #D8D5D3 #DDDBD9 #DAD7D5 #DAD7D4 #DCD9D7 #DEDBD9 #DFDCDA #DDDAD8 #DCD9D8 #DBD8D6 #DAD6D4 #E1DDDC #E1DDDC #1F3450 #1F3450 #1E3451 #203552 #213652 #223552 #223753 #243854 #243955 #243955
#707580 #E4E1DF #DDDAD7 #D8D5D3 #DDDBD9 #DAD7D5 #DAD7D4 #DCD9D7 #DEDBD9 #DFDCDA #DDDAD8 #DCD9D8 #DBD8D6 #DAD6D4 #E1DDDC #E1DDDC #1F3450 #1F3450 #1E3451 #203552 #213652 #223552 #223753 #243854 #243955 #243955 #243A56 #253B57 #273C59 #283D5B #283D59 #293E5A #2A3E5B
#DCD9D7 #DEDBD9 #DFDCDA #DDDAD8 #DCD9D8 #DBD8D6 #DAD6D4 #E1DDDC #E1DDDC #1F3450 #1F3450 #1E3451 #203552 #213652 #223552 #223753 #243854 #243955 #243955 #243A56 #253B57 #273C59 #283D5B #283D59 #293E5A #2A3E5B #2B3F5C #2B3F5D #2C405E #2D415E #2D425F #2D425F #2E4260
#E1DDDC #E1DDDC #1F3450 #1F3450 #1E3451 #203552 #213652 #223552 #223753 #243854 #243955 #243955 #243A56 #253B57 #273C59 #283D5B #283D59 #293E5A #2A3E5B #2B3F5C #2B3F5D #2C405E #2D415E #2D425F #2D425F #2E4260 #2E4360 #233653 #233754 #253854 #253854 #253955 #233855
#223552 #223753 #243854 #243955 #243955 #243A56 #253B57 #273C59 #283D5B #283D59 #293E5A #2A3E5B #2B3F5C #2B3F5D #2C405E #2D415E #2D425F #2D425F #2E4260 #2E4360 #233653 #233754 #253854 #253854 #253955 #233855 #233855 #253A56 #243A56 #243B57 #263B58 #263B58 #273C59
#273C59 #283D5B #283D59 #293E5A #2A3E5B #2B3F5C #2B3F5D #2C405E #2D415E #2D425F #2D425F #2E4260 #2E4360 #233653 #233754 #253854 #253854 #253955 #233855 #233855 #253A56 #243A56 #243B57 #263B58 #263B58 #273C59 #283D5A #283D5A #293D5A #2A3E5B #2B3E5C #2B3F5B #2C3F5C
#2C405E #2D415E #2D425F #2D425F #2E4260 #2E4360 #233653 #233754 #253854 #253854 #253955 #233855 #233855 #253A56 #243A56 #243B57 #263B58 #263B58 #273C59 #283D5A #283D5A #293D5A #2A3E5B #2B3E5C #2B3F5B #2C3F5C #2B3F5D #2C405E #2D415E #2C415E #2E4360 #2F4361 #2F4461
#233754 #253854 #253854 #253955 #233855 #233855 #253A56 #243A56 #243B57 #263B58 #263B58 #273C59 #283D5A #283D5A #293D5A #2A3E5B #2B3E5C #2B3F5B #2C3F5C #2B3F5D #2C405E #2D415E #2C415E #2E4360 #2F4361 #2F4461 #2F4461 #2F4462 #314563 #314563 #314564 #314665 #324765
#243A56 #243B57 #263B58 #263B58 #273C59 #283D5A #283D5A #293D5A #2A3E5B #2B3E5C #2B3F5B #2C3F5C #2B3F5D #2C405E #2D415E #2C415E #2E4360 #2F4361 #2F4461 #2F4461 #2F4462 #314563 #314563 #314564 #314665 #324765 #324664 #4E5B73 #838083 #222A24 #242A30 #223942 #374048
#293D5A #2A3E5B #2B3E5C #2B3F5B #2C3F5C #2B3F5D #2C405E #2D415E #2C415E #2E4360 #2F4361 #2F4461 #2F4461 #2F4462 #314563 #314563 #314564 #314665 #324765 #324664 #4E5B73 #838083 #222A24 #242A30 #223942 #374048 #3C4754 #3D4756 #444E5E #4C5566 #465061 #707580 #E4E1DF
#2D415E #2C415E #2E4360 #2F4361 #2F4461 #2F4461 #2F4462 #314563 #314563 #314564 #314665 #324765 #324664 #4E5B73 #838083 #222A24 #242A30 #223942 #374048 #3C4754 #3D4756 #444E5E #4C5566 #465061 #707580 #E4E1DF #DDDAD7 #D8D5D3 #DDDBD9 #DAD7D5 #DAD7D4 #DCD9D7 #DEDBD9
#314563 #314563 #314564 #314665 #324765 #324664 #4E5B73 #838083 #222A24 #242A30 #223942 #374048 #3C4754 #3D4756 #444E5E #4C5566 #465061 #707580 #E4E1DF #DDDAD7 #D8D5D3 #DDDBD9 #DAD7D5 #DAD7D4 #DCD9D7 #DEDBD9 #DFDCDA #DDDAD8 #DCD9D8 #DBD8D6 #DAD6D4 #E1DDDC #E1DDDC
#838083 #222A24 #242A30 #223942 #374048 #3C4754 #3D4756 #444E5E #4C5566 #465061 #707580 #E4E1DF #DDDAD7 #D8D5D3 #DDDBD9 #DAD7D5 #DAD7D4 #DCD9D7 #DEDBD9 #DFDCDA #DDDAD8 #DCD9D8 #DBD8D6 #DAD6D4 #E1DDDC #E1DDDC #1F3450 #1F3450 #1E3451 #203552 #213652 #223552 #223753
#444E5E #4C5566 #465061 #707580 #E4E1DF #DDDAD7 #D8D5D3 #DDDBD9 #DAD7D5 #DAD7D4 #DCD9D7 #DEDBD9 #DFDCDA #DDDAD8 #DCD9D8 #DBD8D6 #DAD6D4 #E1DDDC #E1DDDC #1F3450 #1F3450 #1E3451 #203552 #213652 #223552 #223753 #243854 #243955 #243955 #243A56 #253B57 #273C59 #283D5B
#DDDBD9 #DAD7D5 #DAD7D4 #DCD9D7 #DEDBD9 #DFDCDA #DDDAD8 #DCD9D8 #DBD8D6 #DAD6D4 #E1DDDC #E1DDDC #1F3450 #1F3450 #1E3451 #203552 #213652 #223552 #223753 #243854 #243955 #243955 #243A56 #253B57 #273C59 #283D5B #283D59 #293E5A #2A3E5B #2B3F5C #2B3F5D #2C405E #2D415E
#DCD9D8 #DBD8D6 #DAD6D4 #E1DDDC #E1DDDC #1F3450 #1F3450 #1E3451 #203552 #213652 #223552 #223753 #243854 #243955 #243955 #243A56 #253B57 #273C59 #283D5B #283D59 #293E5A #2A3E5B #2B3F5C #2B3F5D #2C405E #2D415E #2D425F #2D425F #2E4260 #2E4360 #233653 #233754 #253854
#1E3451 #203552 #213652 #223552 #223753 #243854 #243955 #243955 #243A56 #253B57 #273C59 #283D5B #283D59 #293E5A #2A3E5B #2B3F5C #2B3F5D #2C405E #2D415E #2D425F #2D425F #2E4260 #2E4360 #233653 #233754 #253854 #253854 #253955 #233855 #233855 #253A56 #243A56 #243B57
#243955 #243A56 #253B57 #273C59 #283D5B #283D59 #293E5A #2A3E5B #2B3F5C #2B3F5D #2C405E #2D415E #2D425F #2D425F #2E4260 #2E4360 #233653 #233754 #253854 #253854 #253955 #233855 #233855 #253A56 #243A56 #243B57 #263B58 #263B58 #273C59 #283D5A #283D5A #293D5A #2A3E5B
#2A3E5B #2B3F5C #2B3F5D #2C405E #2D415E #2D425F #2D425F #2E4260 #2E4360 #233653 #233754 #253854 #253854 #253955 #233855 #233855 #253A56 #243A56 #243B57 #263B58 #263B58 #273C59 #283D5A #283D5A #293D5A #2A3E5B #2B3E5C #2B3F5B #2C3F5C #2B3F5D #2C405E #2D415E #2C415E
#2E4260 #2E4360 #233653 #233754 #253854 #253854 #253955 #233855 #233855 #253A56 #243A56 #243B57 #263B58 #263B58 #273C59 #283D5A #283D5A #293D5A #2A3E5B #2B3E5C #2B3F5B #2C3F5C #2B3F5D #2C405E #2D415E #2C415E #2E4360 #2F4361 #2F4461 #2F4461 #2F4462 #314563 #314563
#233855 #233855 #253A56 #243A56 #243B57 #263B58 #263B58 #273C59 #283D5A #283D5A #293D5A #2A3E5B #2B3E5C #2B3F5B #2C3F5C #2B3F5D #2C405E #2D415E #2C415E #2E4360 #2F4361 #2F4461 #2F4461 #2F4462 #314563 #314563 #314564 #314665 #324765 #324664 #4E5B73 #838083 #222A24
#273C59 #283D5A #283D5A #293D5A #2A3E5B #2B3E5C #2B3F5B #2C3F5C #2B3F5D #2C405E #2D415E #2C415E #2E4360 #2F4361 #2F4461 #2F4461 #2F4462 #314563 #314563 #314564 #314665 #324765 #324664 #4E5B73 #838083 #222A24 #242A30 #223942 #374048 #3C4754 #3D4756 #444E5E #4C5566
#2C3F5C #2B3F5D #2C405E #2D415E #2C415E #2E4360 #2F4361 #2F4461 #2F4461 #2F4462 #314563 #314563 #314564 #314665 #324765 #324664 #4E5B73 #838083 #222A24 #242A30 #223942 #374048 #3C4754 #3D4756 #444E5E #4C5566 #465061 #707580 #E4E1DF #DDDAD7 #D8D5D3 #DDDBD9 #DAD7D5
#2F4461 #2F4461 #2F4462 #314563 #314563 #314564 #314665 #324765 #324664 #4E5B73 #838083 #222A24 #242A30 #223942 #374048 #3C4754 #3D4756 #444E5E #4C5566 #465061 #707580 #E4E1DF #DDDAD7 #D8D5D3 #DDDBD9 #DAD7D5 #DAD7D4 #DCD9D7 #DEDBD9 #DFDCDA #DDDAD8 #DCD9D8 #DBD8D6
#324765 #324664 #4E5B73 #838083 #222A24 #242A30 #223942 #374048 #3C4754 #3D4756 #444E5E #4C5566 #465061 #707580 #E4E1DF #DDDAD7 #D8D5D3 #DDDBD9 #DAD7D5 #DAD7D4 #DCD9D7 #DEDBD9 #DFDCDA #DDDAD8 #DCD9D8 #DBD8D6 #DAD6D4 #E1DDDC #E1DDDC #1F3450 #1F3450 #1E3451 #203552
#374048 #3C4754 #3D4756 #444E5E #4C5566 #465061 #707580 #E4E1DF #DDDAD7 #D8D5D3 #DDDBD9 #DAD7D5 #DAD7D4 #DCD9D7 #DEDBD9 #DFDCDA #DDDAD8 #DCD9D8 #DBD8D6 #DAD6D4 #E1DDDC #E1DDDC #1F3450 #1F3450 #1E3451 #203552 #213652 #223552 #223753 #243854 #243955 #243955 #243A56
#E4E1DF #DDDAD7 #D8D5D3 #DDDBD9 #DAD7D5 #DAD7D4 #DCD9D7 #DEDBD9 #DFDCDA #DDDAD8 #DCD9D8 #DBD8D6 #DAD6D4 #E1DDDC #E1DDDC #1F3450 #1F3450 #1E3451 #203552 #213652 #223552 #223753 #243854 #243955 #243955 #243A56 #253B57 #273C59 #283D5B #283D59 #293E5A #2A3E5B #2B3F5C
#DEDBD9 #DFDCDA #DDDAD8 #DCD9D8 #DBD8D6 #DAD6D4 #E1DDDC #E1DDDC #1F3450 #1F3450 #1E3451 #203552 #213652 #223552 #223753 #243854 #243955 #243955 #243A56 #253B57 #273C59 #283D5B #283D59 #293E5A #2A3E5B #2B3F5C #2B3F5D #2C405E #2D415E #2D425F #2D425F #2E4260 #2E4360
#E1DDDC #1F3450 #1F3450 #1E3451 #203552 #213652 #223552 #223753 #243854 #243955 #243955 #243A56 #253B57 #273C59 #283D5B #283D59 #293E5A #2A3E5B #2B3F5C #2B3F5D #2C405E #2D415E #2D425F #2D425F #2E4260 #2E4360 #233653 #233754 #253854 #253854 #253955 #233855 #233855
#223753 #243854 #243955 #243955 #243A56 #253B57 #273C59 #283D5B #283D59 #293E5A #2A3E5B #2B3F5C #2B3F5D #2C405E #2D415E #2D425F #2D425F #2E4260 #2E4360 #233653 #233754 #253854 #253854 #253955 #233855 #233855 #253A56 #243A56 #243B57 #263B58 #263B58 #273C59 #283D5A
#283D5B #283D59 #293E5A #2A3E5B #2B3F5C #2B3F5D #2C405E #2D415E #2D425F #2D425F #2E4260 #2E4360 #233653 #233754 #253854 #253854 #253955 #233855 #233855 #253A56 #243A56 #243B57 #263B58 #263B58 #273C59 #283D5A #283D5A #293D5A #2A3E5B #2B3E5C #2B3F5B #2C3F5C #2B3F5D
#2D415E #2D425F #2D425F #2E4260 #2E4360 #233653 #233754 #253854 #253854 #253955 #233855 #233855 #253A56 #243A56 #243B57 #263B58 #263B58 #273C59 #283D5A #283D5A #293D5A #2A3E5B #2B3E5C #2B3F5B #2C3F5C #2B3F5D #2C405E #2D415E #2C415E #2E4360 #2F4361 #2F4461 #2F4461
#253854 #253854 #253955 #233855 #233855 #253A56 #243A56 #243B57 #263B58 #263B58 #273C59 #283D5A #283D5A #293D5A #2A3E5B #2B3E5C #2B3F5B #2C3F5C #2B3F5D #2C405E #2D415E #2C415E #2E4360 #2F4361 #2F4461 #2F4461 #2F4462 #314563 #314563 #314564 #314665 #324765 #324664
#243B57 #263B58 #263B58 #273C59 #283D5A #283D5A #293D5A #2A3E5B #2B3E5C #2B3F5B #2C3F5C #2B3F5D #2C405E #2D415E #2C415E #2E4360 #2F4361 #2F4461 #2F4461 #2F4462 #314563 #314563 #314564 #314665 #324765 #324664 #4E5B73 #838083 #222A24 #242A30 #223942 #374048 #3C4754
#2A3E5B #2B3E5C #2B3F5B #2C3F5C #2B3F5D #2C405E #2D415E #2C415E #2E4360 #2F4361 #2F4461 #2F4461 #2F4462 #314563 #314563 #314564 #314665 #324765 #324664 #4E5B73 #838083 #222A24 #242A30 #223942 #374048 #3C4754 #3D4756 #444E5E #4C5566 #465061 #707580 #E4E1DF #DDDAD7
#2C415E #2E4360 #2F4361 #2F4461 #2F4461 #2F4462 #314563 #314563 #314564 #314665 #324765 #324664 #4E5B73 #838083 #222A24 #242A30 #223942 #374048 #3C4754 #3D4756 #444E5E #4C5566 #465061 #707580 #E4E1DF #DDDAD7 #D8D5D3 #DDDBD9 #DAD7D5 #DAD7D4 #DCD9D7 #DEDBD9 #DFDCDA
#314563 #314564 #314665 #324765 #324664 #4E5B73 #838083 #222A24 #242A30 #223942 #374048 #3C4754 #3D4756 #444E5E #4C5566 #465061 #707580 #E4E1DF #DDDAD7 #D8D5D3 #DDDBD9 #DAD7D5 #DAD7D4 #DCD9D7 #DEDBD9 #DFDCDA #DDDAD8 #DCD9D8 #DBD8D6 #DAD6D4 #E1DDDC #E1DDDC #1F3450
#222A24 #242A30 #223942 #374048 #3C4754 #3D4756 #444E5E #4C5566 #465061 #707580 #E4E1DF #DDDAD7 #D8D5D3 #DDDBD9 #DAD7D5 #DAD7D4 #DCD9D7 #DEDBD9 #DFDCDA #DDDAD8 #DCD9D8 #DBD8D6 #DAD6D4 #E1DDDC #E1DDDC #1F3450 #1F3450 #1E3451 #203552 #213652 #223552 #223753 #243854
#4C5566 #465061 #707580 #E4E1DF #DDDAD7 #D8D5D3 #DDDBD9 #DAD7D5 #DAD7D4 #DCD9D7 #DEDBD9 #DFDCDA #DDDAD8 #DCD9D8 #DBD8D6 #DAD6D4 #E1DDDC #E1DDDC #1F3450 #1F3450 #1E3451 #203552 #213652 #223552 #223753 #243854 #243955 #243955 #243A56 #253B57 #273C59 #283D5B #283D59
#DAD7D5 #DAD7D4 #DCD9D7 #DEDBD9 #DFDCDA #DDDAD8 #DCD9D8 #DBD8D6 #DAD6D4 #E1DDDC #E1DDDC #1F3450 #1F3450 #1E3451 #203552 #213652 #223552 #223753 #243854 #243955 #243955 #243A56 #253B57 #273C59 #283D5B #283D59 #293E5A #2A3E5B #2B3F5C #2B3F5D #2C405E #2D415E #2D425F
#DBD8D6 #DAD6D4 #E1DDDC #E1DDDC #1F3450 #1F3450 #1E3451 #203552 #213652 #223552 #223753 #243854 #243955 #243955 #243A56 #253B57 #273C59 #283D5B #283D59 #293E5A #2A3E5B #2B3F5C #2B3F5D #2C405E #2D415E #2D425F #2D425F #2E4260 #2E4360 #233653 #233754 #253854 #253854
#203552 #213652 #223552 #223753 #243854 #243955 #243955 #243A56 #253B57 #273C59 #283D5B #283D59 #293E5A #2A3E5B #2B3F5C #2B3F5D #2C405E #2D415E #2D425F #2D425F #2E4260 #2E4360 #233653 #233754 #253854 #253854 #253955 #233855 #233855 #253A56 #243A56 #243B57 #263B58
#243A56 #253B57 #273C59 #283D5B #283D59 #293E5A #2A3E5B #2B3F5C #2B3F5D #2C405E #2D415E #2D425F #2D425F #2E4260 #2E4360 #233653 #233754 #253854 #253854 #253955 #233855 #233855 #253A56 #243A56 #243B57 #263B58 #263B58 #273C59 #283D5A #283D5A #293D5A #2A3E5B #2B3E5C
#2B3F5C #2B3F5D #2C405E #2D415E #2D425F #2D425F #2E4260 #2E4360 #233653 #233754 #253854 #253854 #253955 #233855 #233855 #253A56 #243A56 #243B57 #263B58 #263B58 #273C59 #283D5A #283D5A #293D5A #2A3E5B #2B3E5C #2B3F5B #2C3F5C #2B3F5D #2C405E #2D415E #2C415E #2E4360
#2E4360 #233653 #233754 #253854 #253854 #253955 #233855 #233855 #253A56 #243A56 #243B57 #263B58 #263B58 #273C59 #283D5A #283D5A #293D5A #2A3E5B #2B3E5C #2B3F5B #2C3F5C #2B3F5D #2C405E #2D415E #2C415E #2E4360 #2F4361 #2F4461 #2F4461 #2F4462 #314563 #314563 #314564
#233855 #253A56 #243A56 #243B57 #263B58 #263B58 #273C59 #283D5A #283D5A #293D5A #2A3E5B #2B3E5C #2B3F5B #2C3F5C #2B3F5D #2C405E #2D415E #2C415E #2E4360 #2F4361 #2F4461 #2F4461 #2F4462 #314563 #314563 #314564 #314665 #324765 #324664 #4E5B73 #838083 #222A24 #242A30
#283D5A #283D5A #293D5A #2A3E5B #2B3E5C #2B3F5B #2C3F5C #2B3F5D #2C405E #2D415E #2C415E #2E4360 #2F4361 #2F4461 #2F4461 #2F4462 #314563 #314563 #314564 #314665 #324765 #324664 #4E5B73 #838083 #222A24 #242A30 #223942 #374048 #3C4754 #3D4756 #444E5E #4C5566 #465061
#2B3F5D #2C405E #2D415E #2C415E #2E4360 #2F4361 #2F4461 #2F4461 #2F4462 #314563 #314563 #314564 #314665 #324765 #324664 #4E5B73 #838083 #222A24 #242A30 #223942 #374048 #3C4754 #3D4756 #444E5E #4C5566 #465061 #707580 #E4E1DF #DDDAD7 #D8D5D3 #DDDBD9 #DAD7D5 #DAD7D4
#2F4461 #2F4462 #314563 #314563 #314564 #314665 #324765 #324664 #4E5B73 #838083 #222A24 #242A30 #223942 #374048 #3C4754 #3D4756 #444E5E #4C5566 #465061 #707580 #E4E1DF #DDDAD7 #D8D5D3 #DDDBD9 #DAD7D5 #DAD7D4 #DCD9D7 #DEDBD9 #DFDCDA #DDDAD8 #DCD9D8 #DBD8D6 #DAD6D4
#324664 #4E5B73 #838083 #222A24 #242A30 #223942 #374048 #3C4754 #3D4756 #444E5E #4C5566 #465061 #707580 #E4E1DF #DDDAD7 #D8D5D3 #DDDBD9 #DAD7D5 #DAD7D4 #DCD9D7 #DEDBD9 #DFDCDA #DDDAD8 #DCD9D8 #DBD8D6 #DAD6D4 #E1DDDC #E1DDDC #1F3450 #1F3450 #1E3451 #203552 #213652
#3C4754 #3D4756 #444E5E #4C5566 #465061 #707580 #E4E1DF #DDDAD7 #D8D5D3 #DDDBD9 #DAD7D5 #DAD7D4 #DCD9D7 #DEDBD9 #DFDCDA #DDDAD8 #DCD9D8 #DBD8D6 #DAD6D4 #E1DDDC #E1DDDC #1F3450 #1F3450 #1E3451 #203552 #213652 #223552 #223753 #243854 #243955 #243955 #243A56 #253B57
#DDDAD7 #D8D5D3 #DDDBD9 #DAD7D5 #DAD7D4 #DCD9D7 #DEDBD9 #DFDCDA #DDDAD8 #DCD9D8 #DBD8D6 #DAD6D4 #E1DDDC #E1DDDC #1F3450 #1F3450 #1E3451 #203552 #213652 #223552 #223753 #243854 #243955 #243955 #243A56 #253B57 #273C59 #283D5B #283D59 #293E5A #2A3E5B #2B3F5C #2B3F5D
#DFDCDA #DDDAD8 #DCD9D8 #DBD8D6 #DAD6D4 #E1DDDC #E1DDDC #1F3450 #1F3450 #1E3451 #203552 #213652 #223552 #223753 #243854 #243955 #243955 #243A56 #253B57 #273C59 #283D5B #283D59 #293E5A #2A3E5B #2B3F5C #2B3F5D #2C405E #2D415E #2D425F #2D425F #2E4260 #2E4360 #233653
#1F3450 #1F3450 #1E3451 #203552 #213652 #223552 #223753 #243854 #243955 #243955 #243A56 #253B57 #273C59 #283D5B #283D59 #293E5A #2A3E5B #2B3F5C #2B3F5D #2C405E #2D415E #2D425F #2D425F #2E4260 #2E4360 #233653 #233754 #253854 #253854 #253955 #233855 #233855 #253A56
#243854 #243955 #243955 #243A56 #253B57 #273C59 #283D5B #283D59 #293E5A #2A3E5B #2B3F5C #2B3F5D #2C405E #2D415E #2D425F #2D425F #2E4260 #2E4360 #233653 #233754 #253854 #253854 #253955 #233855 #233855 #253A56 #243A56 #243B57 #263B58 #263B58 #273C59 #283D5A #283D5A
#283D59 #293E5A #2A3E5B #2B3F5C #2B3F5D #2C405E #2D415E #2D425F #2D425F #2E4260 #2E4360 #233653 #233754 #253854 #253854 #253955 #233855 #233855 #253A56 #243A56 #243B57 #263B58 #263B58 #273C59 #283D5A #283D5A #293D5A #2A3E5B #2B3E5C #2B3F5B #2C3F5C #2B3F5D #2C405E
#2D425F #2D425F #2E4260 #2E4360 #233653 #233754 #253854 #253854 #253955 #233855 #233855 #253A56 #243A56 #243B57 #263B58 #263B58 #273C59 #283D5A #283D5A #293D5A #2A3E5B #2B3E5C #2B3F5B #2C3F5C #2B3F5D #2C405E #2D415E #2C415E #2E4360 #2F4361 #2F4461 #2F4461 #2F4462
#253854 #253955 #233855 #233855 #253A56 #243A56 #243B57 #263B58 #263B58 #273C59 #283D5A #283D5A #293D5A #2A3E5B #2B3E5C #2B3F5B #2C3F5C #2B3F5D #2C405E #2D415E #2C415E #2E4360 #2F4361 #2F4461 #2F4461 #2F4462 #314563 #314563 #314564 #314665 #324765 #324664 #4E5B73
#263B58 #263B58 #273C59 #283D5A #283D5A #293D5A #2A3E5B #2B3E5C #2B3F5B #2C3F5C #2B3F5D #2C405E #2D415E #2C415E #2E4360 #2F4361 #2F4461 #2F4461 #2F4462 #314563 #314563 #314564 #314665 #324765 #324664 #4E5B73 #838083 #222A24 #242A30 #223942 #374048 #3C4754 #3D4756
#2B3E5C #2B3F5B #2C3F5C #2B3F5D #2C405E #2D415E #2C415E #2E4360 #2F4361 #2F4461 #2F4461 #2F4462 #314563 #314563 #314564 #314665 #324765 #324664 #4E5B73 #838083 #222A24 #242A30 #223942 #374048 #3C4754 #3D4756 #444E5E #4C5566 #465061 #707580 #E4E1DF #DDDAD7 #D8D5D3
#2E4360 #2F4361 #2F4461 #2F4461 #2F4462 #314563 #314563 #314564 #314665 #324765 #324664 #4E5B73 #838083 #222A24 #242A30 #223942 #374048 #3C4754 #3D4756 #444E5E #4C5566 #465061 #707580 #E4E1DF #DDDAD7 #D8D5D3 #DDDBD9 #DAD7D5 #DAD7D4 #DCD9D7 #DEDBD9 #DFDCDA #DDDAD8
#314564 #314665 #324765 #324664 #4E5B73 #838083 #222A24 #242A30 #223942 #374048 #3C4754 #3D4756 #444E5E #4C5566 #465061 #707580 #E4E1DF #DDDAD7 #D8D5D3 #DDDBD9 #DAD7D5 #DAD7D4 #DCD9D7 #DEDBD9 #DFDCDA #DDDAD8 #DCD9D8 #DBD8D6 #DAD6D4 #E1DDDC #E1DDDC #1F3450 #1F3450
#1F3450 #1F3450 #1E3451 #203552 #213652 #223552 #223753 #243854 #243955 #243955 #243A56 #253B57 #273C59 #283D5B #283D59 #293E5A #2A3E5B #2B3F5C #2B3F5D #2C405E #2D415E #2D425F #2D425F #2E4260 #2E4360
